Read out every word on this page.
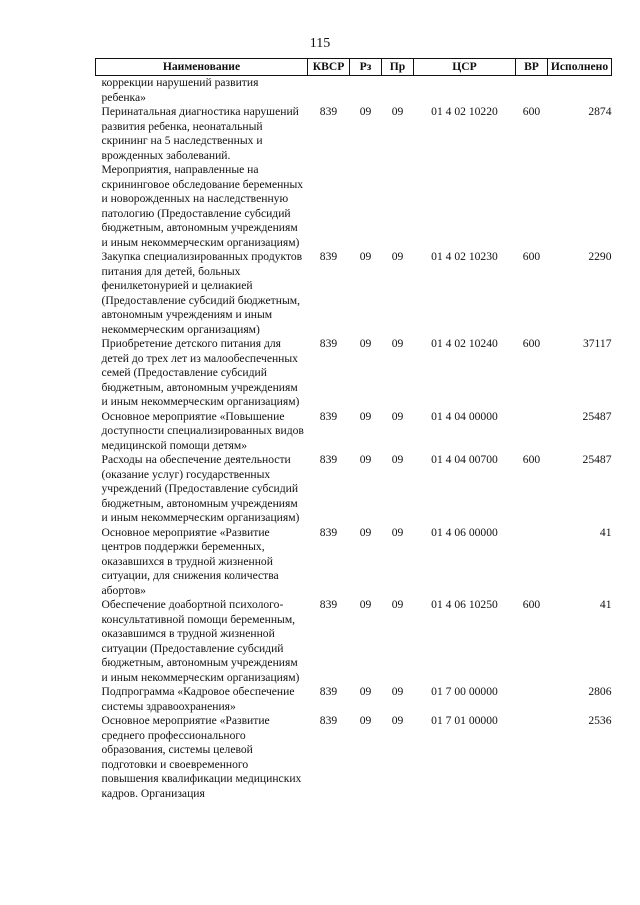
115
Наименование	КВСР	Рз	Пр	ЦСР	ВР	Исполнено
коррекции нарушений развития ребенка»						
Перинатальная диагностика нарушений развития ребенка, неонатальный скрининг на 5 наследственных и врожденных заболеваний.	839	09	09	01 4 02 10220	600	2874
Мероприятия, направленные на скрининговое обследование беременных и новорожденных на наследственную патологию (Предоставление субсидий бюджетным, автономным учреждениям и иным некоммерческим организациям)						
Закупка специализированных продуктов питания для детей, больных фенилкетонурией и целиакией (Предоставление субсидий бюджетным, автономным учреждениям и иным некоммерческим организациям)	839	09	09	01 4 02 10230	600	2290
Приобретение детского питания для детей до трех лет из малообеспеченных семей (Предоставление субсидий бюджетным, автономным учреждениям и иным некоммерческим организациям)	839	09	09	01 4 02 10240	600	37117
Основное мероприятие «Повышение доступности специализированных видов медицинской помощи детям»	839	09	09	01 4 04 00000		25487
Расходы на обеспечение деятельности (оказание услуг) государственных учреждений (Предоставление субсидий бюджетным, автономным учреждениям и иным некоммерческим организациям)	839	09	09	01 4 04 00700	600	25487
Основное мероприятие «Развитие центров поддержки беременных, оказавшихся в трудной жизненной ситуации, для снижения количества абортов»	839	09	09	01 4 06 00000		41
Обеспечение доабортной психолого-консультативной помощи беременным, оказавшимся в трудной жизненной ситуации (Предоставление субсидий бюджетным, автономным учреждениям и иным некоммерческим организациям)	839	09	09	01 4 06 10250	600	41
Подпрограмма «Кадровое обеспечение системы здравоохранения»	839	09	09	01 7 00 00000		2806
Основное мероприятие «Развитие среднего профессионального образования, системы целевой подготовки и своевременного повышения квалификации медицинских кадров. Организация	839	09	09	01 7 01 00000		2536
